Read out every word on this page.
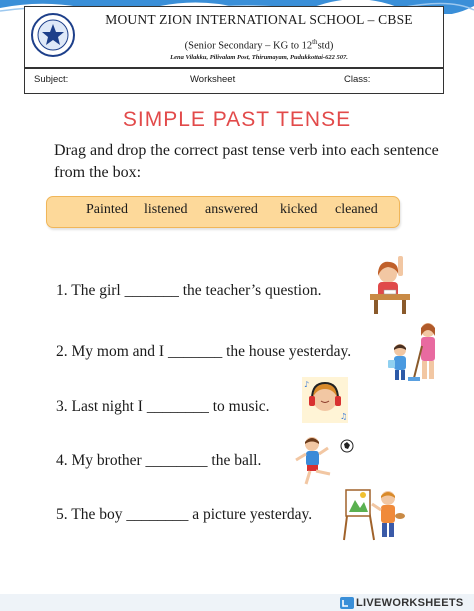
MOUNT ZION INTERNATIONAL SCHOOL – CBSE
(Senior Secondary – KG to 12thstd)
Lena Vilakku, Pilivalam Post, Thirumayam, Pudukkottai-622 507.
Subject:	Worksheet	Class:
SIMPLE PAST TENSE
Drag and drop the correct past tense verb into each sentence from the box:
Painted listened answered kicked cleaned
1. The girl _______ the teacher’s question.
2. My mom and I _______ the house yesterday.
3. Last night I ________ to music.
4. My brother ________ the ball.
5. The boy ________ a picture yesterday.
♪
♫
LIVEWORKSHEETS
